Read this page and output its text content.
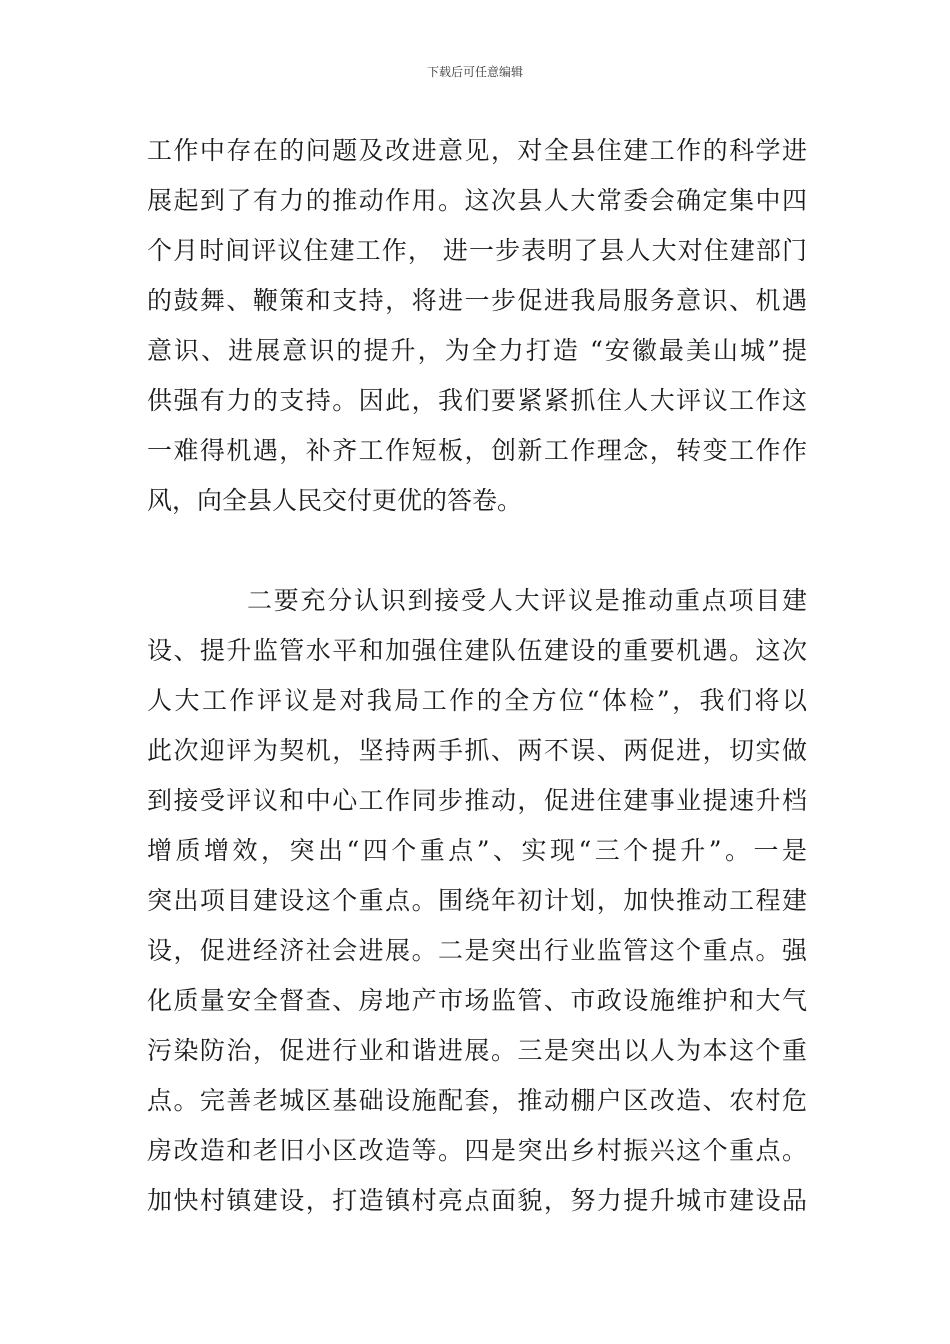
下载后可任意编辑
工作中存在的问题及改进意见，对全县住建工作的科学进
展起到了有力的推动作用。这次县人大常委会确定集中四
个月时间评议住建工作， 进一步表明了县人大对住建部门
的鼓舞、鞭策和支持，将进一步促进我局服务意识、机遇
意识、进展意识的提升，为全力打造 “安徽最美山城”提
供强有力的支持。因此，我们要紧紧抓住人大评议工作这
一难得机遇，补齐工作短板，创新工作理念，转变工作作
风，向全县人民交付更优的答卷。
二要充分认识到接受人大评议是推动重点项目建
设、提升监管水平和加强住建队伍建设的重要机遇。这次
人大工作评议是对我局工作的全方位“体检”，我们将以
此次迎评为契机，坚持两手抓、两不误、两促进，切实做
到接受评议和中心工作同步推动，促进住建事业提速升档
增质增效，突出“四个重点”、实现“三个提升”。一是
突出项目建设这个重点。围绕年初计划，加快推动工程建
设，促进经济社会进展。二是突出行业监管这个重点。强
化质量安全督查、房地产市场监管、市政设施维护和大气
污染防治，促进行业和谐进展。三是突出以人为本这个重
点。完善老城区基础设施配套，推动棚户区改造、农村危
房改造和老旧小区改造等。四是突出乡村振兴这个重点。
加快村镇建设，打造镇村亮点面貌，努力提升城市建设品
